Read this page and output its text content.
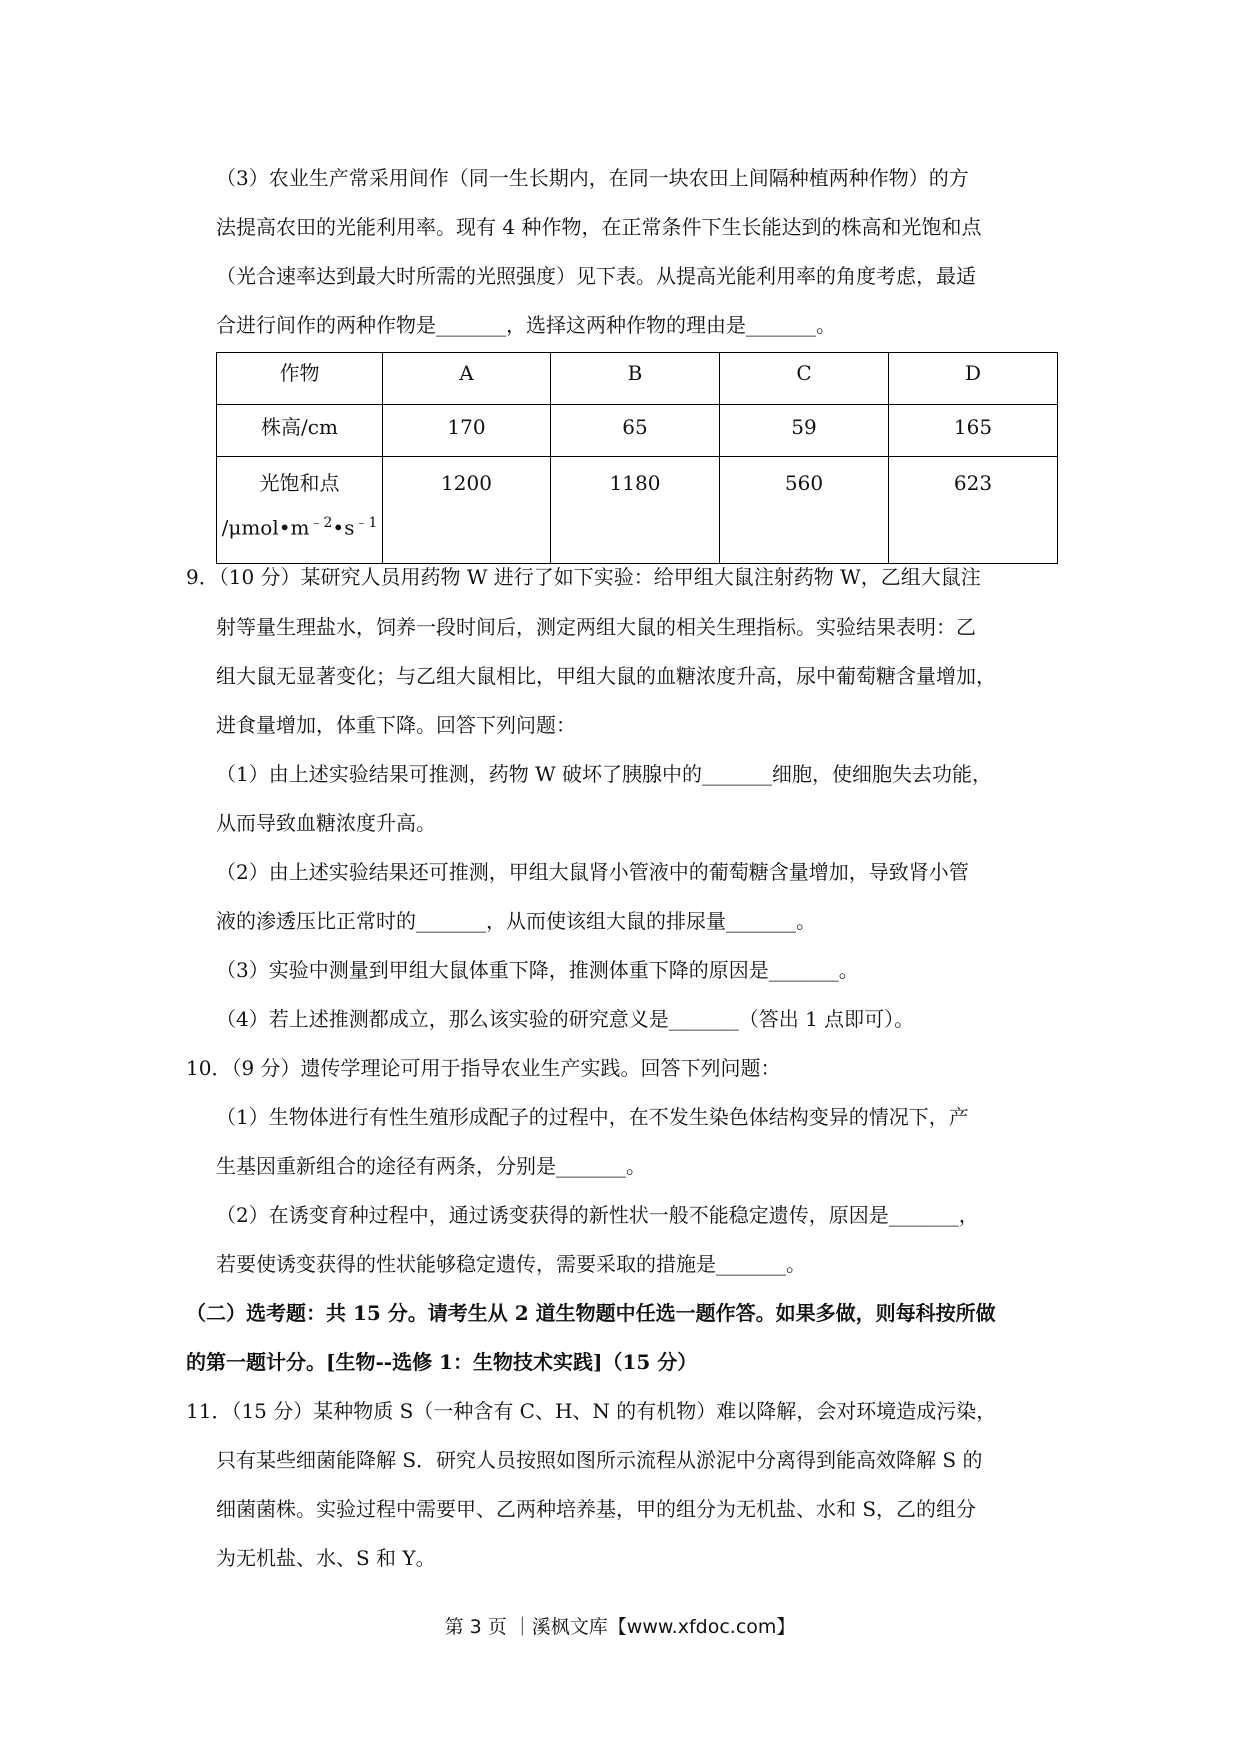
（3）农业生产常采用间作（同一生长期内，在同一块农田上间隔种植两种作物）的方
法提高农田的光能利用率。现有 4 种作物，在正常条件下生长能达到的株高和光饱和点
（光合速率达到最大时所需的光照强度）见下表。从提高光能利用率的角度考虑，最适
合进行间作的两种作物是_______，选择这两种作物的理由是_______。
作物	A	B	C	D
株高/cm	170	65	59	165

光饱和点
$/\mu mol•m^{﹣2}•s^{﹣1}$	1200	1180	560	623
9．（10 分）某研究人员用药物 W 进行了如下实验：给甲组大鼠注射药物 W，乙组大鼠注
射等量生理盐水，饲养一段时间后，测定两组大鼠的相关生理指标。实验结果表明：乙
组大鼠无显著变化；与乙组大鼠相比，甲组大鼠的血糖浓度升高，尿中葡萄糖含量增加，
进食量增加，体重下降。回答下列问题：
（1）由上述实验结果可推测，药物 W 破坏了胰腺中的_______细胞，使细胞失去功能，
从而导致血糖浓度升高。
（2）由上述实验结果还可推测，甲组大鼠肾小管液中的葡萄糖含量增加，导致肾小管
液的渗透压比正常时的_______，从而使该组大鼠的排尿量_______。
（3）实验中测量到甲组大鼠体重下降，推测体重下降的原因是_______。
（4）若上述推测都成立，那么该实验的研究意义是_______（答出 1 点即可）。
10．（9 分）遗传学理论可用于指导农业生产实践。回答下列问题：
（1）生物体进行有性生殖形成配子的过程中，在不发生染色体结构变异的情况下，产
生基因重新组合的途径有两条，分别是_______。
（2）在诱变育种过程中，通过诱变获得的新性状一般不能稳定遗传，原因是_______，
若要使诱变获得的性状能够稳定遗传，需要采取的措施是_______。
（二）选考题：共 15 分。请考生从 2 道生物题中任选一题作答。如果多做，则每科按所做
的第一题计分。[生物--选修 1：生物技术实践]（15 分）
11．（15 分）某种物质 S（一种含有 C、H、N 的有机物）难以降解，会对环境造成污染，
只有某些细菌能降解 S．研究人员按照如图所示流程从淤泥中分离得到能高效降解 S 的
细菌菌株。实验过程中需要甲、乙两种培养基，甲的组分为无机盐、水和 S，乙的组分
为无机盐、水、S 和 Y。
第 3 页 ｜溪枫文库【www.xfdoc.com】
